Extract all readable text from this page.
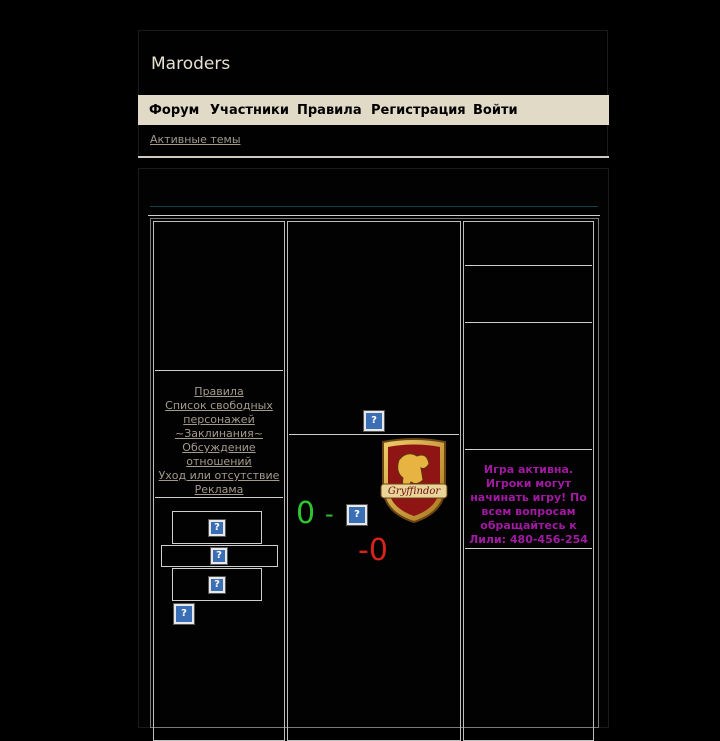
Maroders
Форум Участники Правила Регистрация Войти
Активные темы
Правила
Список свободных
персонажей
~Заклинания~
Обсуждение
отношений
Уход или отсутствие
Реклама
?
?
?
?
?
0 -	?
-0
Gryffindor
Игра активна.
Игроки могут
начинать игру! По
всем вопросам
обращайтесь к
Лили: 480-456-254
